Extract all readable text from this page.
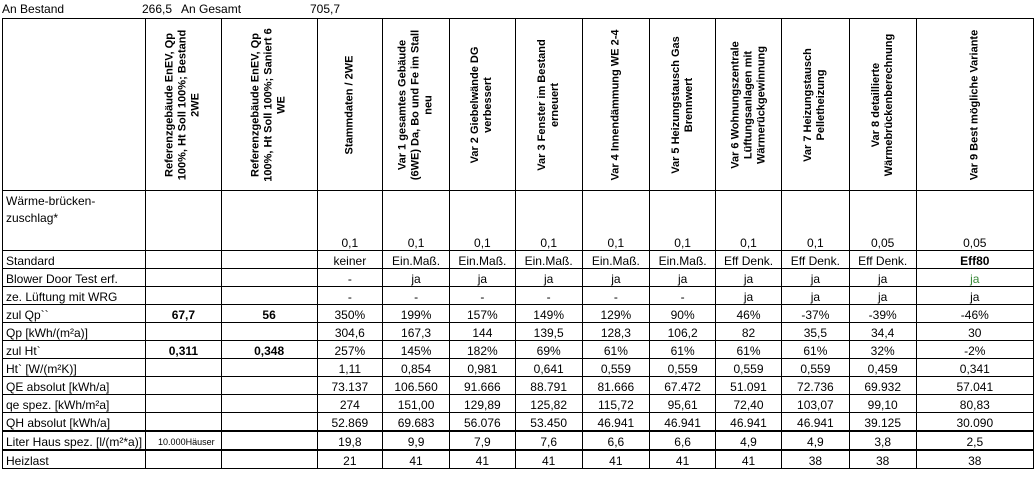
An Bestand	266,5 An Gesamt	705,7

	Referenzgebäude EnEV, Qp 100%, Ht Soll 100%; Bestand 2WE	Referenzgebäude EnEV, Qp 100%, Ht Soll 100%; Saniert 6 WE	Stammdaten / 2WE	Var 1 gesamtes Gebäude (6WE) Da, Bo und Fe im Stall neu	Var 2 Giebelwände DG verbessert	Var 3 Fenster im Bestand erneuert	Var 4 Innendämmung WE 2-4	Var 5 Heizungstausch Gas Brennwert	Var 6 Wohnungszentrale Lüftungsanlagen mit Wärmerückgewinnung	Var 7 Heizungstausch Pelletheizung	Var 8 detaillierte Wärmebrückenberechnung	Var 9 Best mögliche Variante

Wärme-brücken-zuschlag*			0,1	0,1	0,1	0,1	0,1	0,1	0,1	0,1	0,05	0,05
Standard			keiner	Ein.Maß.	Ein.Maß.	Ein.Maß.	Ein.Maß.	Ein.Maß.	Eff Denk.	Eff Denk.	Eff Denk.	Eff80
Blower Door Test erf.			-	ja	ja	ja	ja	ja	ja	ja	ja	ja
ze. Lüftung mit WRG			-	-	-	-	-	-	ja	ja	ja	ja
zul Qp``	67,7	56	350%	199%	157%	149%	129%	90%	46%	-37%	-39%	-46%
Qp [kWh/(m²a)]			304,6	167,3	144	139,5	128,3	106,2	82	35,5	34,4	30
zul Ht`	0,311	0,348	257%	145%	182%	69%	61%	61%	61%	61%	32%	-2%
Ht` [W/(m²K)]			1,11	0,854	0,981	0,641	0,559	0,559	0,559	0,559	0,459	0,341
QE absolut [kWh/a]			73.137	106.560	91.666	88.791	81.666	67.472	51.091	72.736	69.932	57.041
qe spez. [kWh/m²a]			274	151,00	129,89	125,82	115,72	95,61	72,40	103,07	99,10	80,83
QH absolut [kWh/a]			52.869	69.683	56.076	53.450	46.941	46.941	46.941	46.941	39.125	30.090
Liter Haus spez. [l/(m²*a)]	10.000Häuser		19,8	9,9	7,9	7,6	6,6	6,6	4,9	4,9	3,8	2,5
Heizlast			21	41	41	41	41	41	41	38	38	38
